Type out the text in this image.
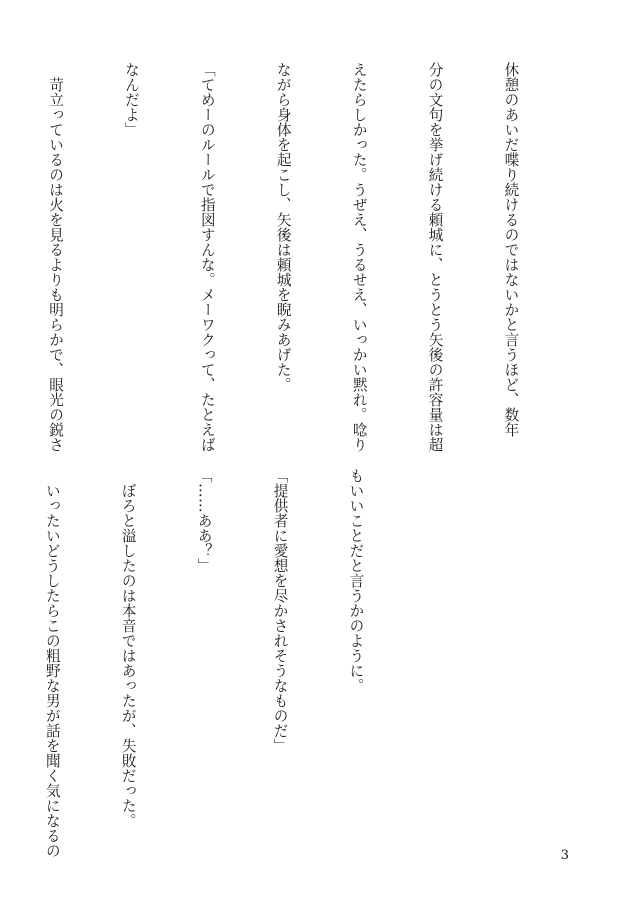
休憩のあいだ喋り続けるのではないかと言うほど、数年

分の文句を挙げ続ける頼城に、とうとう矢後の許容量は超

えたらしかった。うぜえ、うるせえ、いっかい黙れ。唸り

ながら身体を起こし、矢後は頼城を睨みあげた。

「てめーのルールで指図すんな。メーワクって、たとえば

なんだよ」

　苛立っているのは火を見るよりも明らかで、眼光の鋭さ

もいいことだと言うかのように。

「提供者に愛想を尽かされそうなものだ」

「……ああ？」

　ぼろと溢したのは本音ではあったが、失敗だった。

　いったいどうしたらこの粗野な男が話を聞く気になるの

	3
